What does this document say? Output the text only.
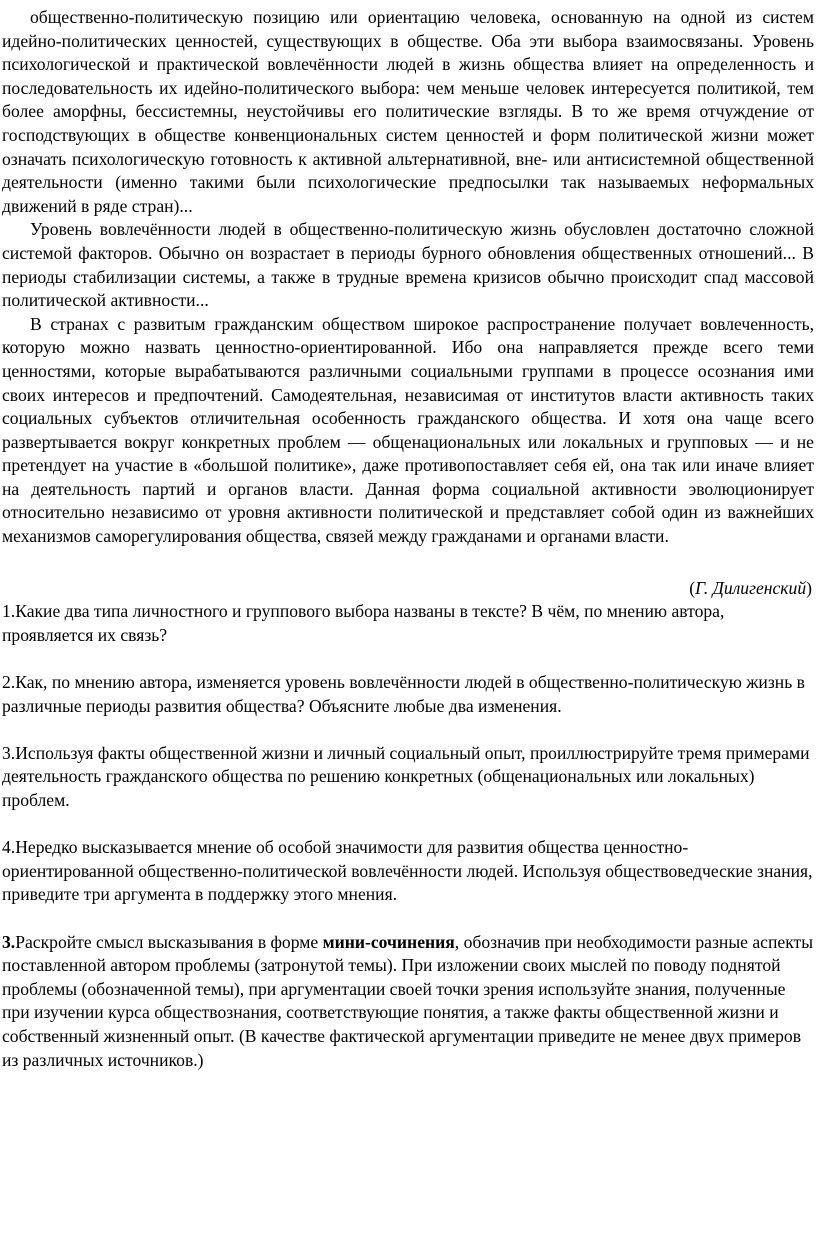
общественно-политическую позицию или ориентацию человека, основанную на одной из систем идейно-политических ценностей, существующих в обществе. Оба эти выбора взаимосвязаны. Уровень психологической и практической вовлечённости людей в жизнь общества влияет на определенность и последовательность их идейно-политического выбора: чем меньше человек интересуется политикой, тем более аморфны, бессистемны, неустойчивы его политические взгляды. В то же время отчуждение от господствующих в обществе конвенциональных систем ценностей и форм политической жизни может означать психологическую готовность к активной альтернативной, вне- или антисистемной общественной деятельности (именно такими были психологические предпосылки так называемых неформальных движений в ряде стран)...

Уровень вовлечённости людей в общественно-политическую жизнь обусловлен достаточно сложной системой факторов. Обычно он возрастает в периоды бурного обновления общественных отношений... В периоды стабилизации системы, а также в трудные времена кризисов обычно происходит спад массовой политической активности...

В странах с развитым гражданским обществом широкое распространение получает вовлеченность, которую можно назвать ценностно-ориентированной. Ибо она направляется прежде всего теми ценностями, которые вырабатываются различными социальными группами в процессе осознания ими своих интересов и предпочтений. Самодеятельная, независимая от институтов власти активность таких социальных субъектов отличительная особенность гражданского общества. И хотя она чаще всего развертывается вокруг конкретных проблем — общенациональных или локальных и групповых — и не претендует на участие в «большой политике», даже противопоставляет себя ей, она так или иначе влияет на деятельность партий и органов власти. Данная форма социальной активности эволюционирует относительно независимо от уровня активности политической и представляет собой один из важнейших механизмов саморегулирования общества, связей между гражданами и органами власти.

(Г. Дилигенский)

1.Какие два типа личностного и группового выбора названы в тексте? В чём, по мнению автора, проявляется их связь?

2.Как, по мнению автора, изменяется уровень вовлечённости людей в общественно-политическую жизнь в различные периоды развития общества? Объясните любые два изменения.

3.Используя факты общественной жизни и личный социальный опыт, проиллюстрируйте тремя примерами деятельность гражданского общества по решению конкретных (общенациональных или локальных) проблем.

4.Нередко высказывается мнение об особой значимости для развития общества ценностно-ориентированной общественно-политической вовлечённости людей. Используя обществоведческие знания, приведите три аргумента в поддержку этого мнения.

3.Раскройте смысл высказывания в форме мини-сочинения, обозначив при необходимости разные аспекты поставленной автором проблемы (затронутой темы). При изложении своих мыслей по поводу поднятой проблемы (обозначенной темы), при аргументации своей точки зрения используйте знания, полученные при изучении курса обществознания, соответствующие понятия, а также факты общественной жизни и собственный жизненный опыт. (В качестве фактической аргументации приведите не менее двух примеров из различных источников.)
